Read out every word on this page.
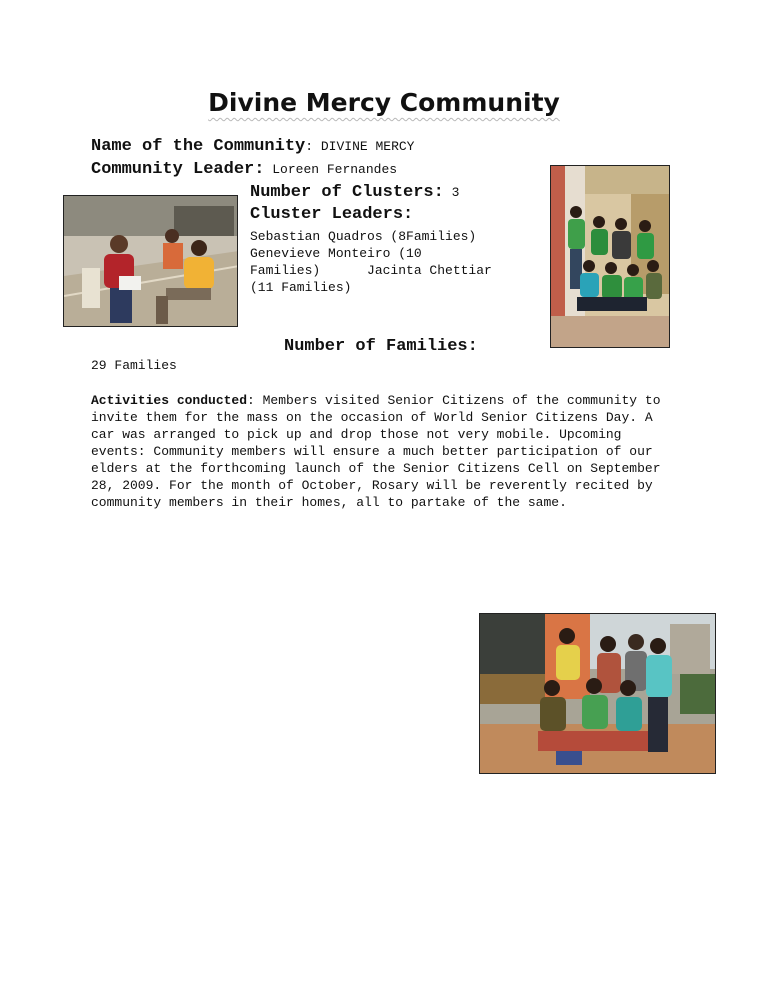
Divine Mercy Community
Name of the Community: DIVINE MERCY
Community Leader: Loreen Fernandes
Number of Clusters: 3
Cluster Leaders:
Sebastian Quadros (8Families)
Genevieve Monteiro (10
Families)      Jacinta Chettiar
(11 Families)
Number of Families:
29 Families
Activities conducted: Members visited Senior Citizens of the community to invite them for the mass on the occasion of World Senior Citizens Day. A car was arranged to pick up and drop those not very mobile. Upcoming events: Community members will ensure a much better participation of our elders at the forthcoming launch of the Senior Citizens Cell on September 28, 2009. For the month of October, Rosary will be reverently recited by community members in their homes, all to partake of the same.
